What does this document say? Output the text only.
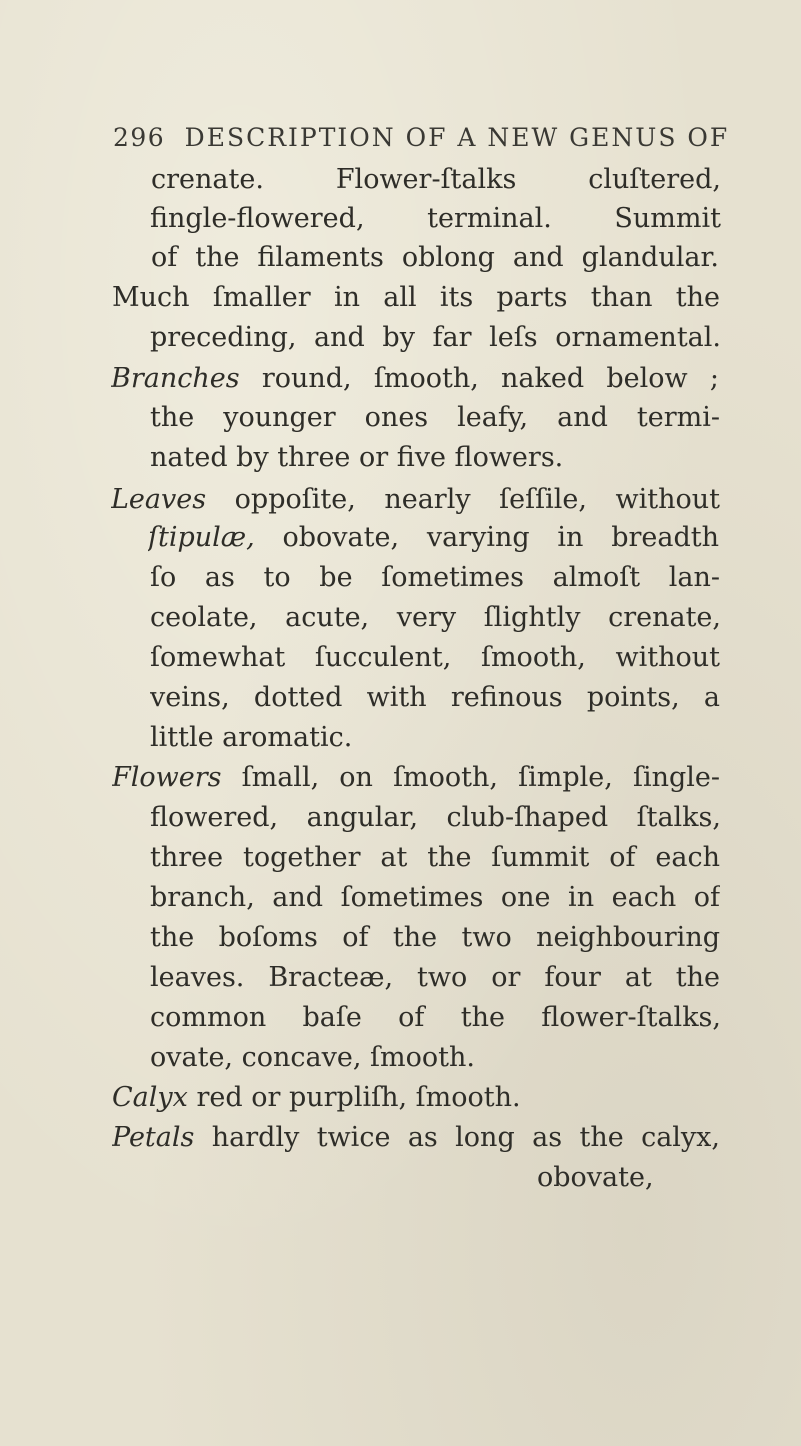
296 DESCRIPTION OF A NEW GENUS OF
crenate. Flower-ſtalks cluſtered,
fingle-flowered, terminal. Summit
of the filaments oblong and glandular.
Much ſmaller in all its parts than the
preceding, and by far leſs ornamental.
Branches round, ſmooth, naked below ;
the younger ones leafy, and termi-
nated by three or five flowers.
Leaves oppoſite, nearly ſeſſile, without
ſtipulæ, obovate, varying in breadth
ſo as to be ſometimes almoſt lan-
ceolate, acute, very ſlightly crenate,
ſomewhat ſucculent, ſmooth, without
veins, dotted with refinous points, a
little aromatic.
Flowers ſmall, on ſmooth, ſimple, ſingle-
flowered, angular, club-ſhaped ſtalks,
three together at the ſummit of each
branch, and ſometimes one in each of
the boſoms of the two neighbouring
leaves. Bractеæ, two or four at the
common baſe of the flower-ſtalks,
ovate, concave, ſmooth.
Calyx red or purpliſh, ſmooth.
Petals hardly twice as long as the calyx,
obovate,
